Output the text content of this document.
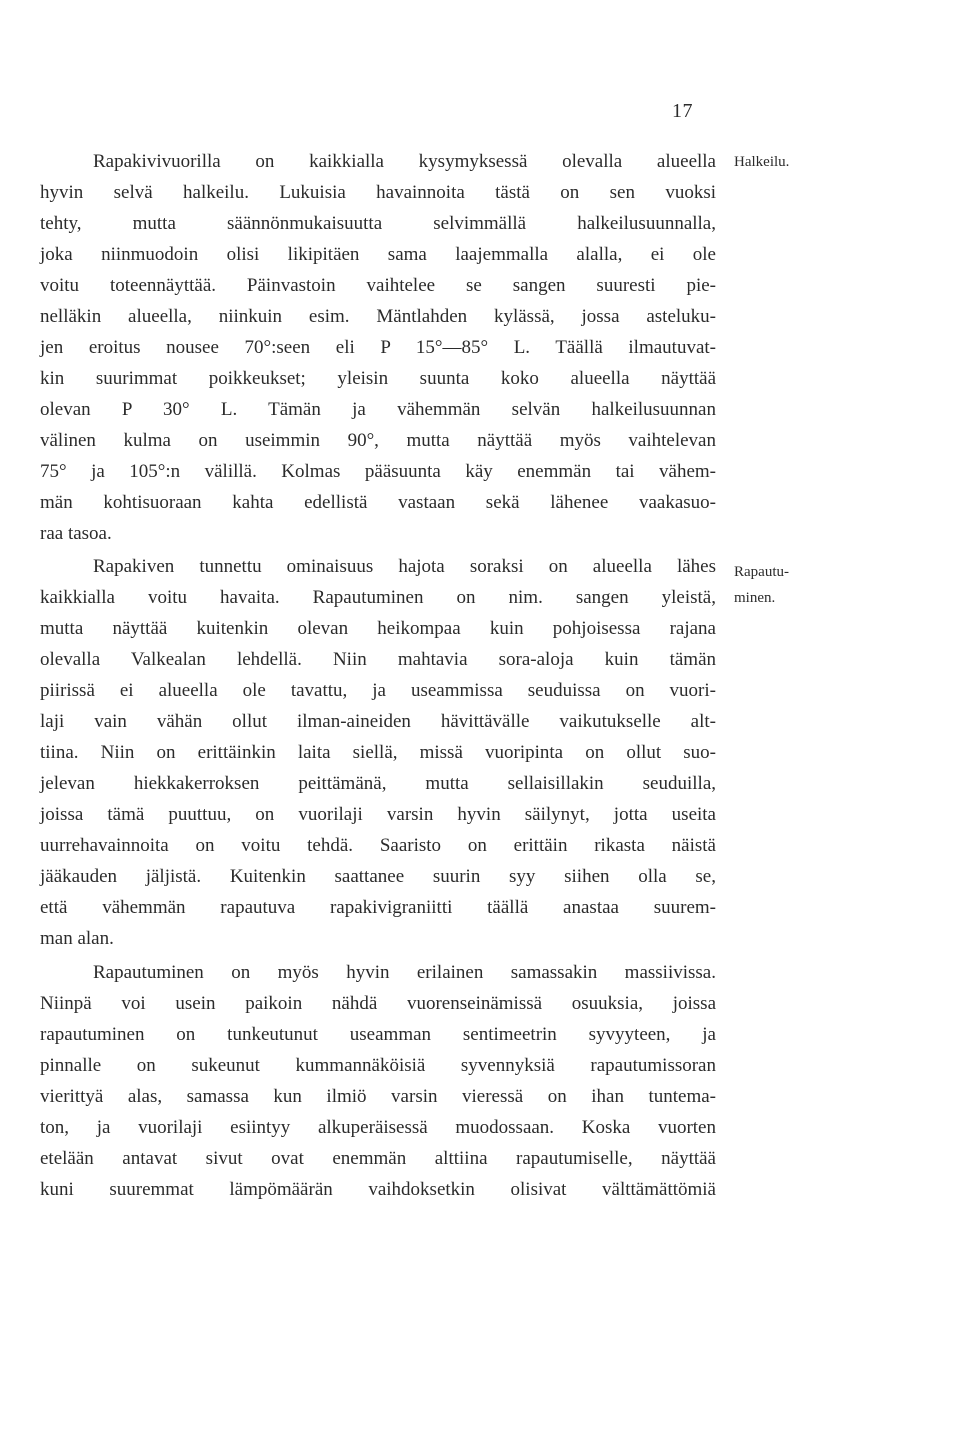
17
Rapakivivuorilla on kaikkialla kysymyksessä olevalla alueella
hyvin selvä halkeilu. Lukuisia havainnoita tästä on sen vuoksi
tehty, mutta säännönmukaisuutta selvimmällä halkeilusuunnalla,
joka niinmuodoin olisi likipitäen sama laajemmalla alalla, ei ole
voitu toteennäyttää. Päinvastoin vaihtelee se sangen suuresti pie-
nelläkin alueella, niinkuin esim. Mäntlahden kylässä, jossa asteluku-
jen eroitus nousee 70°:seen eli P 15°—85° L. Täällä ilmautuvat-
kin suurimmat poikkeukset; yleisin suunta koko alueella näyttää
olevan P 30° L. Tämän ja vähemmän selvän halkeilusuunnan
välinen kulma on useimmin 90°, mutta näyttää myös vaihtelevan
75° ja 105°:n välillä. Kolmas pääsuunta käy enemmän tai vähem-
män kohtisuoraan kahta edellistä vastaan sekä lähenee vaakasuo-
raa tasoa.
Rapakiven tunnettu ominaisuus hajota soraksi on alueella lähes
kaikkialla voitu havaita. Rapautuminen on nim. sangen yleistä,
mutta näyttää kuitenkin olevan heikompaa kuin pohjoisessa rajana
olevalla Valkealan lehdellä. Niin mahtavia sora-aloja kuin tämän
piirissä ei alueella ole tavattu, ja useammissa seuduissa on vuori-
laji vain vähän ollut ilman-aineiden hävittävälle vaikutukselle alt-
tiina. Niin on erittäinkin laita siellä, missä vuoripinta on ollut suo-
jelevan hiekkakerroksen peittämänä, mutta sellaisillakin seuduilla,
joissa tämä puuttuu, on vuorilaji varsin hyvin säilynyt, jotta useita
uurrehavainnoita on voitu tehdä. Saaristo on erittäin rikasta näistä
jääkauden jäljistä. Kuitenkin saattanee suurin syy siihen olla se,
että vähemmän rapautuva rapakivigraniitti täällä anastaa suurem-
man alan.
Rapautuminen on myös hyvin erilainen samassakin massiivissa.
Niinpä voi usein paikoin nähdä vuorenseinämissä osuuksia, joissa
rapautuminen on tunkeutunut useamman sentimeetrin syvyyteen, ja
pinnalle on sukeunut kummannäköisiä syvennyksiä rapautumissoran
vierittyä alas, samassa kun ilmiö varsin vieressä on ihan tuntema-
ton, ja vuorilaji esiintyy alkuperäisessä muodossaan. Koska vuorten
etelään antavat sivut ovat enemmän alttiina rapautumiselle, näyttää
kuni suuremmat lämpömäärän vaihdoksetkin olisivat välttämättömiä
Halkeilu.
Rapautu-
minen.
